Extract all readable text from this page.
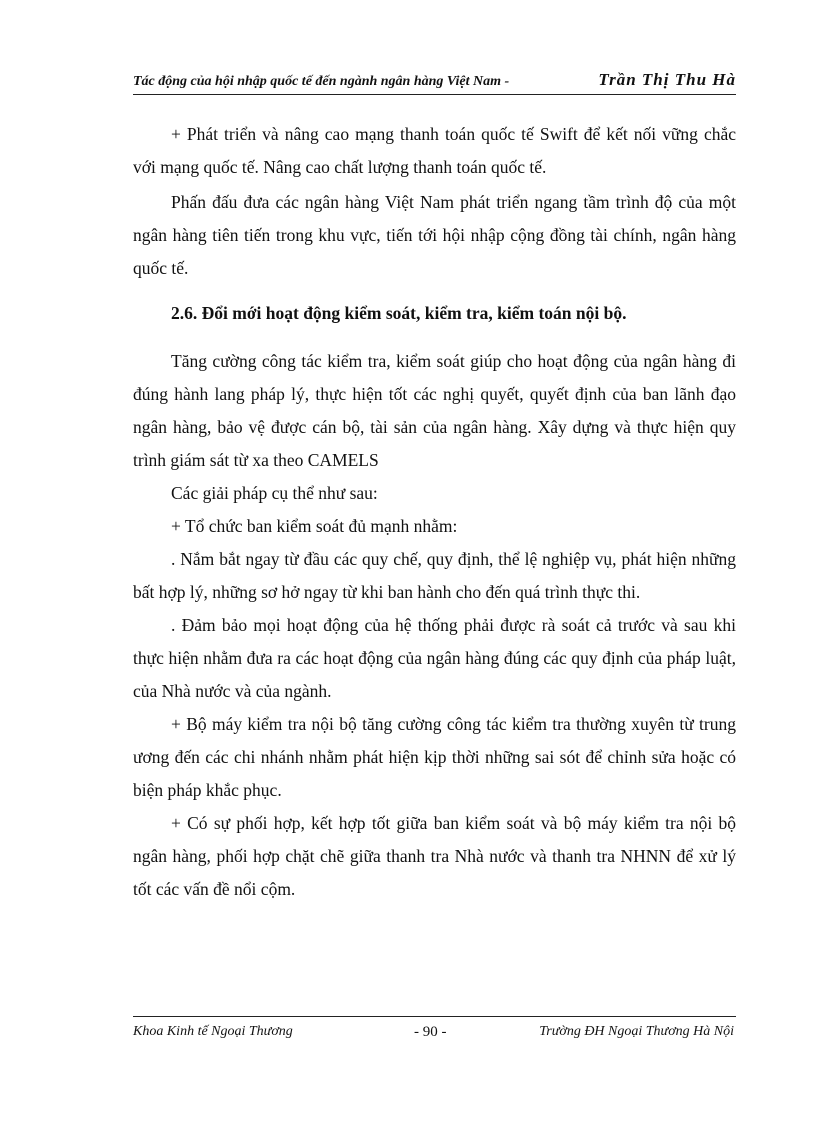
Tác động của hội nhập quốc tế đến ngành ngân hàng Việt Nam -	Trần Thị Thu Hà

+ Phát triển và nâng cao mạng thanh toán quốc tế Swift để kết nối vững chắc với mạng quốc tế. Nâng cao chất lượng thanh toán quốc tế.

Phấn đấu đưa các ngân hàng Việt Nam phát triển ngang tầm trình độ của một ngân hàng tiên tiến trong khu vực, tiến tới hội nhập cộng đồng tài chính, ngân hàng quốc tế.

2.6. Đổi mới hoạt động kiểm soát, kiểm tra, kiểm toán nội bộ.

Tăng cường công tác kiểm tra, kiểm soát giúp cho hoạt động của ngân hàng đi đúng hành lang pháp lý, thực hiện tốt các nghị quyết, quyết định của ban lãnh đạo ngân hàng, bảo vệ được cán bộ, tài sản của ngân hàng. Xây dựng và thực hiện quy trình giám sát từ xa theo CAMELS

Các giải pháp cụ thể như sau:

+ Tổ chức ban kiểm soát đủ mạnh nhằm:

. Nắm bắt ngay từ đầu các quy chế, quy định, thể lệ nghiệp vụ, phát hiện những bất hợp lý, những sơ hở ngay từ khi ban hành cho đến quá trình thực thi.

. Đảm bảo mọi hoạt động của hệ thống phải được rà soát cả trước và sau khi thực hiện nhằm đưa ra các hoạt động của ngân hàng đúng các quy định của pháp luật, của Nhà nước và của ngành.

+ Bộ máy kiểm tra nội bộ tăng cường công tác kiểm tra thường xuyên từ trung ương đến các chi nhánh nhằm phát hiện kịp thời những sai sót để chỉnh sửa hoặc có biện pháp khắc phục.

+ Có sự phối hợp, kết hợp tốt giữa ban kiểm soát và bộ máy kiểm tra nội bộ ngân hàng, phối hợp chặt chẽ giữa thanh tra Nhà nước và thanh tra NHNN để xử lý tốt các vấn đề nổi cộm.

Khoa Kinh tế Ngoại Thương	- 90 -	Trường ĐH Ngoại Thương Hà Nội
